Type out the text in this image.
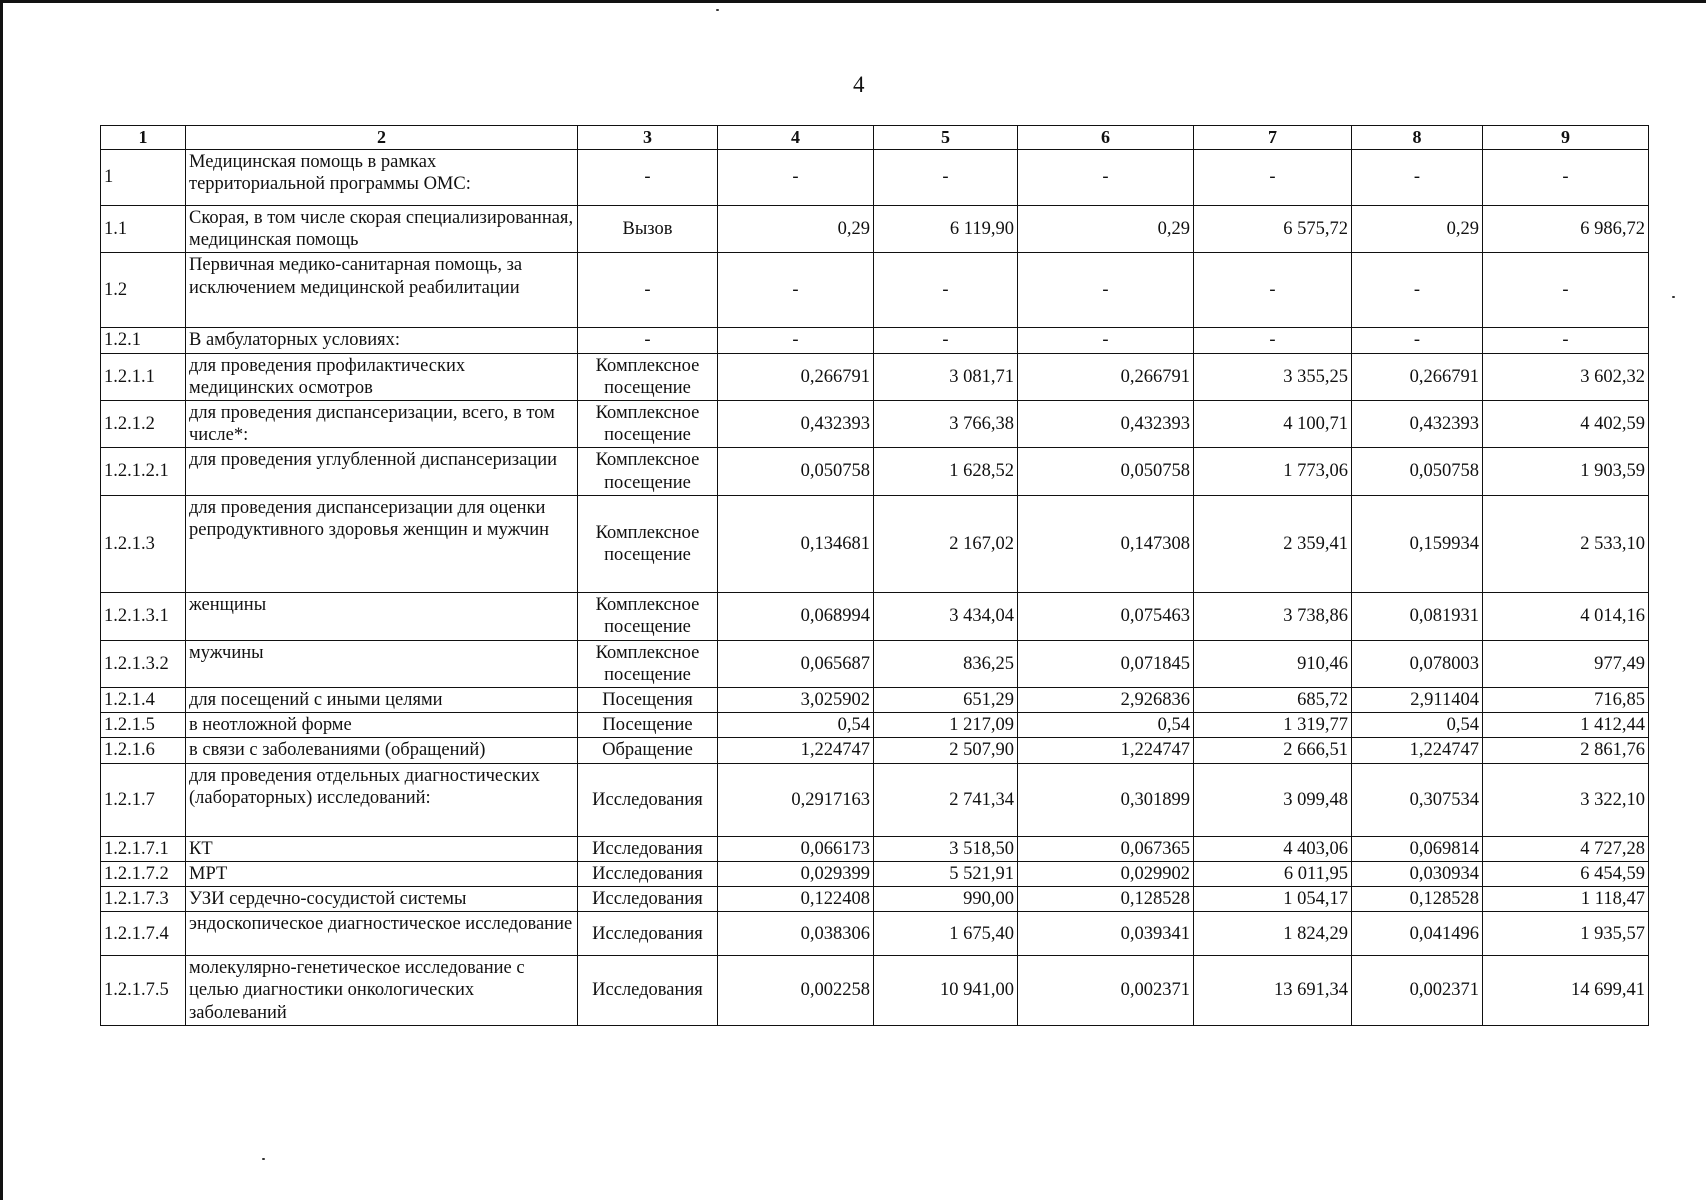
4
1	2	3	4	5	6	7	8	9
1	Медицинская помощь в рамках территориальной программы ОМС:	-	-	-	-	-	-	-
1.1	Скорая, в том числе скорая специализированная, медицинская помощь	Вызов	0,29	6 119,90	0,29	6 575,72	0,29	6 986,72
1.2	Первичная медико-санитарная помощь, за исключением медицинской реабилитации	-	-	-	-	-	-	-
1.2.1	В амбулаторных условиях:	-	-	-	-	-	-	-
1.2.1.1	для проведения профилактических медицинских осмотров	Комплексное посещение	0,266791	3 081,71	0,266791	3 355,25	0,266791	3 602,32
1.2.1.2	для проведения диспансеризации, всего, в том числе*:	Комплексное посещение	0,432393	3 766,38	0,432393	4 100,71	0,432393	4 402,59
1.2.1.2.1	для проведения углубленной диспансеризации	Комплексное посещение	0,050758	1 628,52	0,050758	1 773,06	0,050758	1 903,59
1.2.1.3	для проведения диспансеризации для оценки репродуктивного здоровья женщин и мужчин	Комплексное посещение	0,134681	2 167,02	0,147308	2 359,41	0,159934	2 533,10
1.2.1.3.1	женщины	Комплексное посещение	0,068994	3 434,04	0,075463	3 738,86	0,081931	4 014,16
1.2.1.3.2	мужчины	Комплексное посещение	0,065687	836,25	0,071845	910,46	0,078003	977,49
1.2.1.4	для посещений с иными целями	Посещения	3,025902	651,29	2,926836	685,72	2,911404	716,85
1.2.1.5	в неотложной форме	Посещение	0,54	1 217,09	0,54	1 319,77	0,54	1 412,44
1.2.1.6	в связи с заболеваниями (обращений)	Обращение	1,224747	2 507,90	1,224747	2 666,51	1,224747	2 861,76
1.2.1.7	для проведения отдельных диагностических (лабораторных) исследований:	Исследования	0,2917163	2 741,34	0,301899	3 099,48	0,307534	3 322,10
1.2.1.7.1	КТ	Исследования	0,066173	3 518,50	0,067365	4 403,06	0,069814	4 727,28
1.2.1.7.2	МРТ	Исследования	0,029399	5 521,91	0,029902	6 011,95	0,030934	6 454,59
1.2.1.7.3	УЗИ сердечно-сосудистой системы	Исследования	0,122408	990,00	0,128528	1 054,17	0,128528	1 118,47
1.2.1.7.4	эндоскопическое диагностическое исследование	Исследования	0,038306	1 675,40	0,039341	1 824,29	0,041496	1 935,57
1.2.1.7.5	молекулярно-генетическое исследование с целью диагностики онкологических заболеваний	Исследования	0,002258	10 941,00	0,002371	13 691,34	0,002371	14 699,41
